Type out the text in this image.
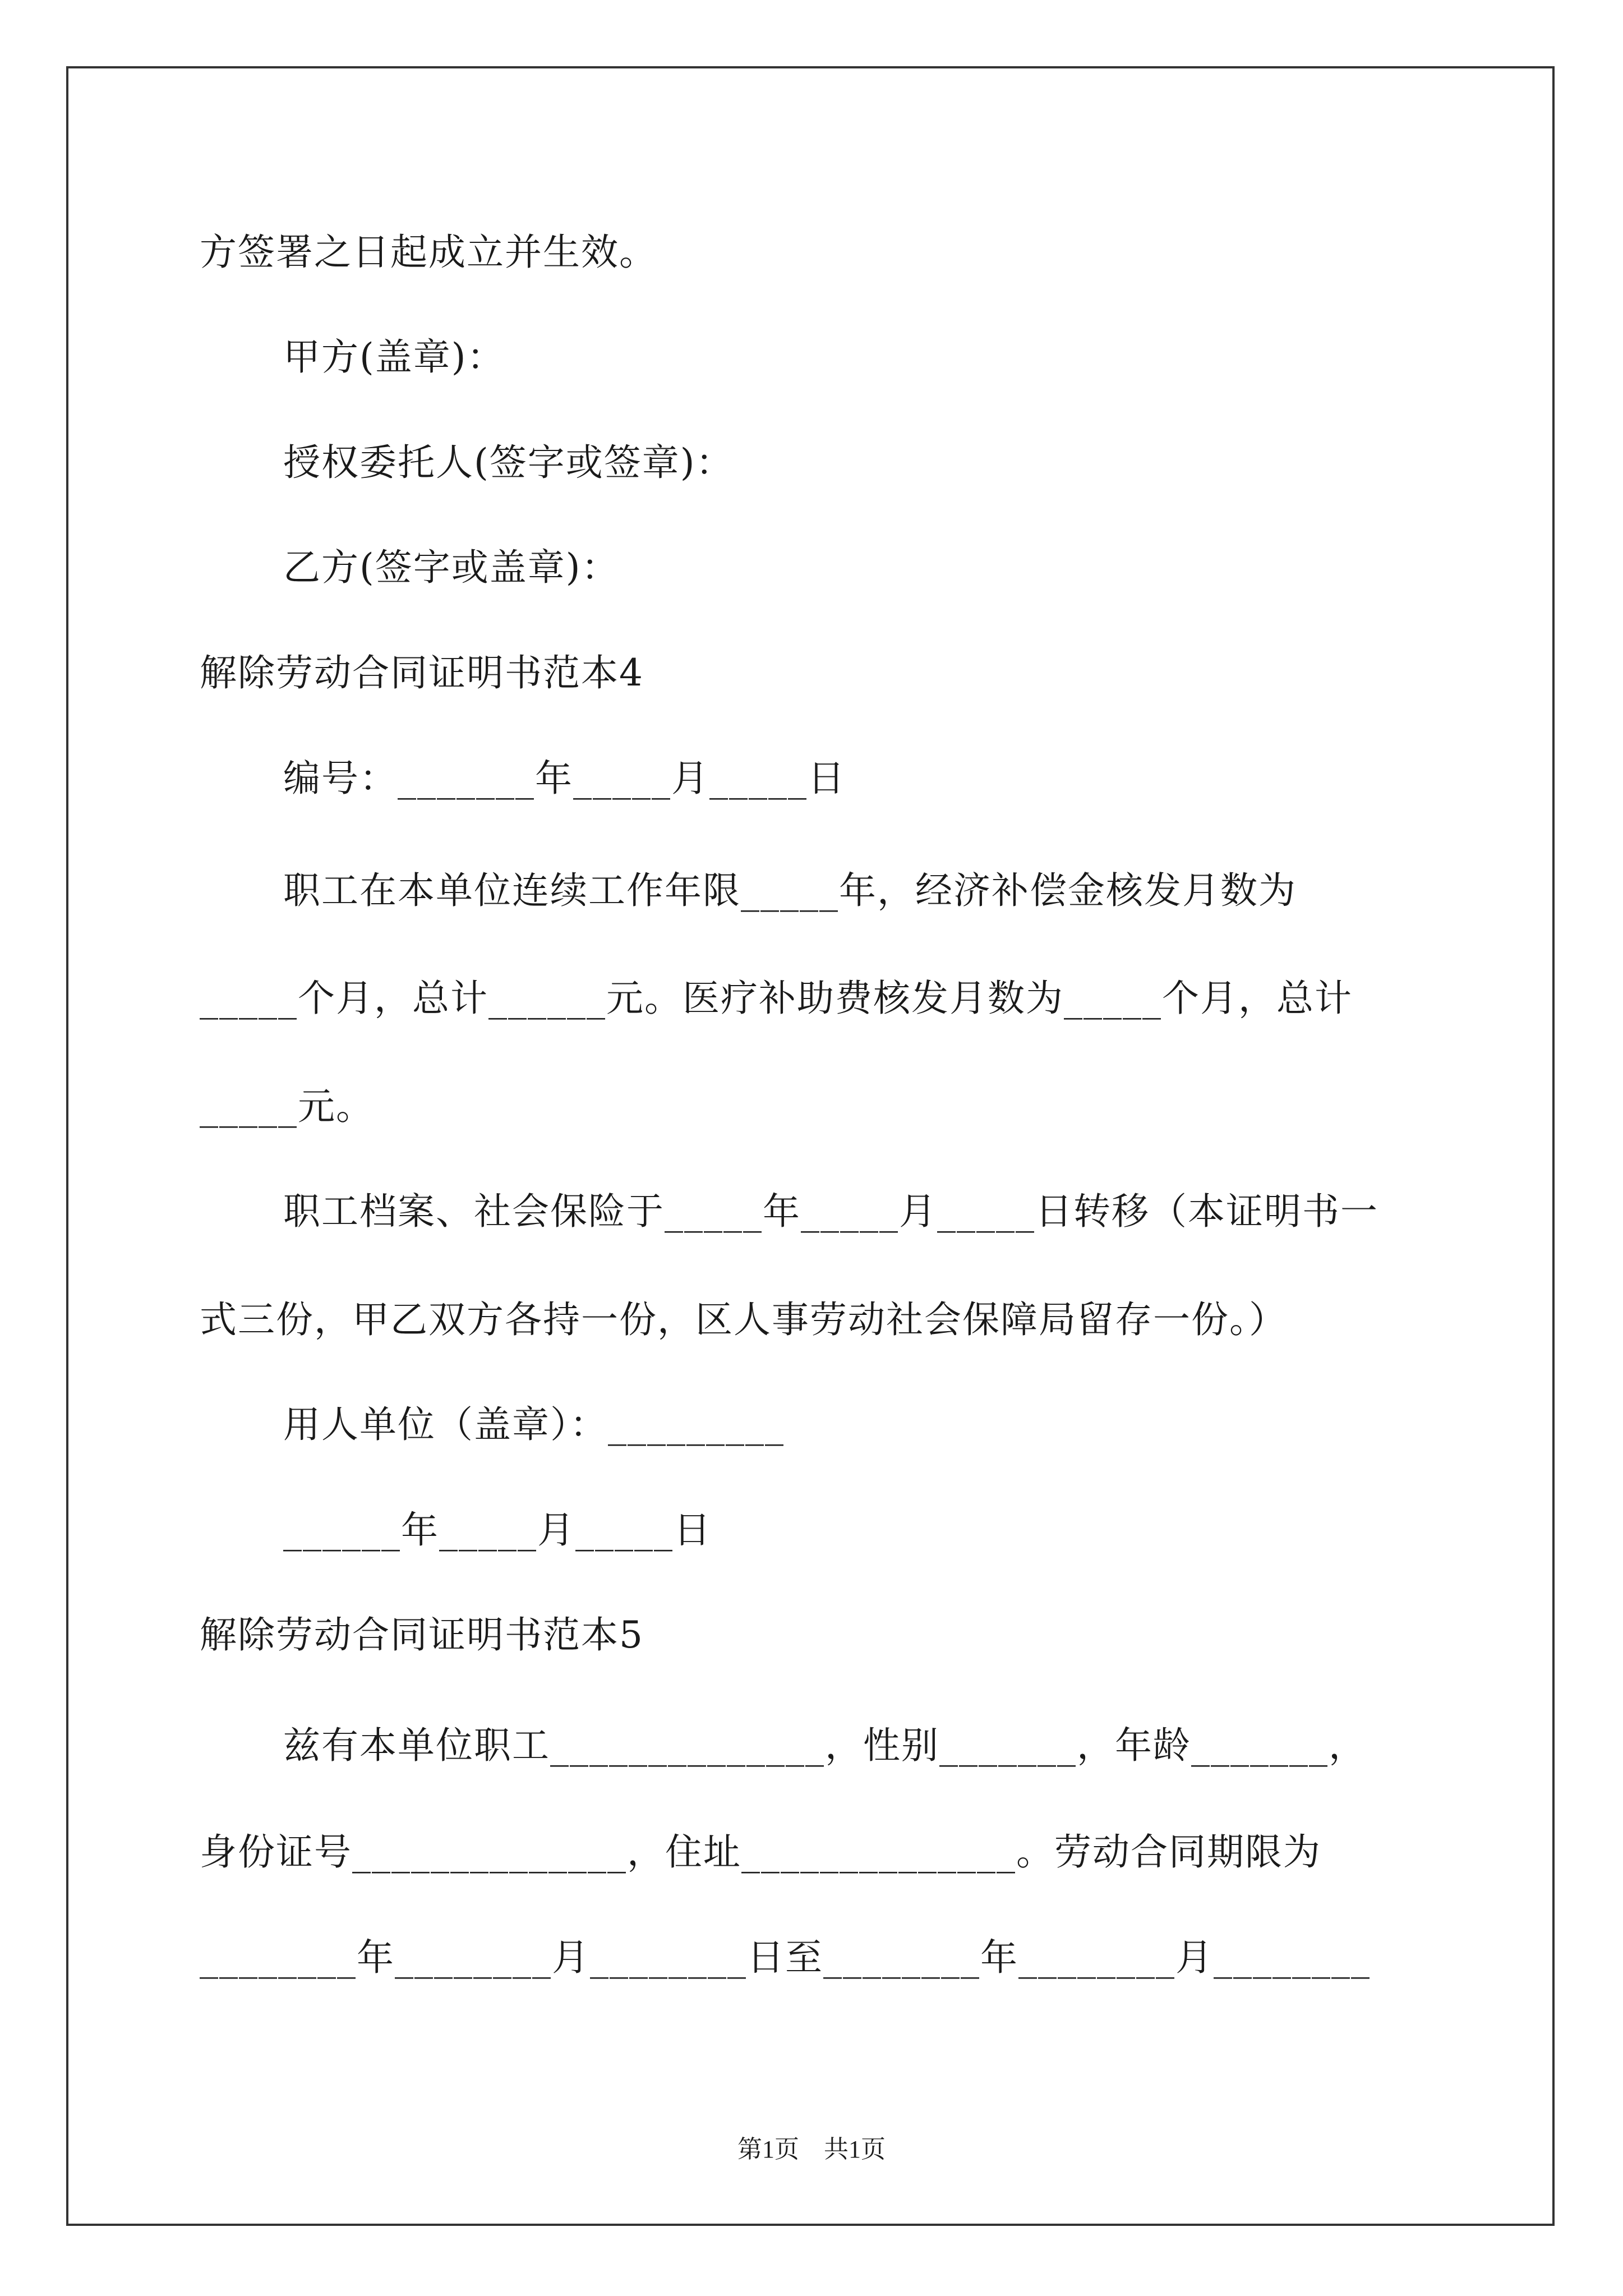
方签署之日起成立并生效。
甲方(盖章)：
授权委托人(签字或签章)：
乙方(签字或盖章)：
解除劳动合同证明书范本4
编号：_______年_____月_____日
职工在本单位连续工作年限_____年，经济补偿金核发月数为
_____个月，总计______元。医疗补助费核发月数为_____个月，总计
_____元。
职工档案、社会保险于_____年_____月_____日转移（本证明书一
式三份，甲乙双方各持一份，区人事劳动社会保障局留存一份。）
用人单位（盖章）：_________
______年_____月_____日
解除劳动合同证明书范本5
兹有本单位职工______________，性别_______，年龄_______，
身份证号______________，住址______________。劳动合同期限为
________年________月________日至________年________月________
第1页　共1页
